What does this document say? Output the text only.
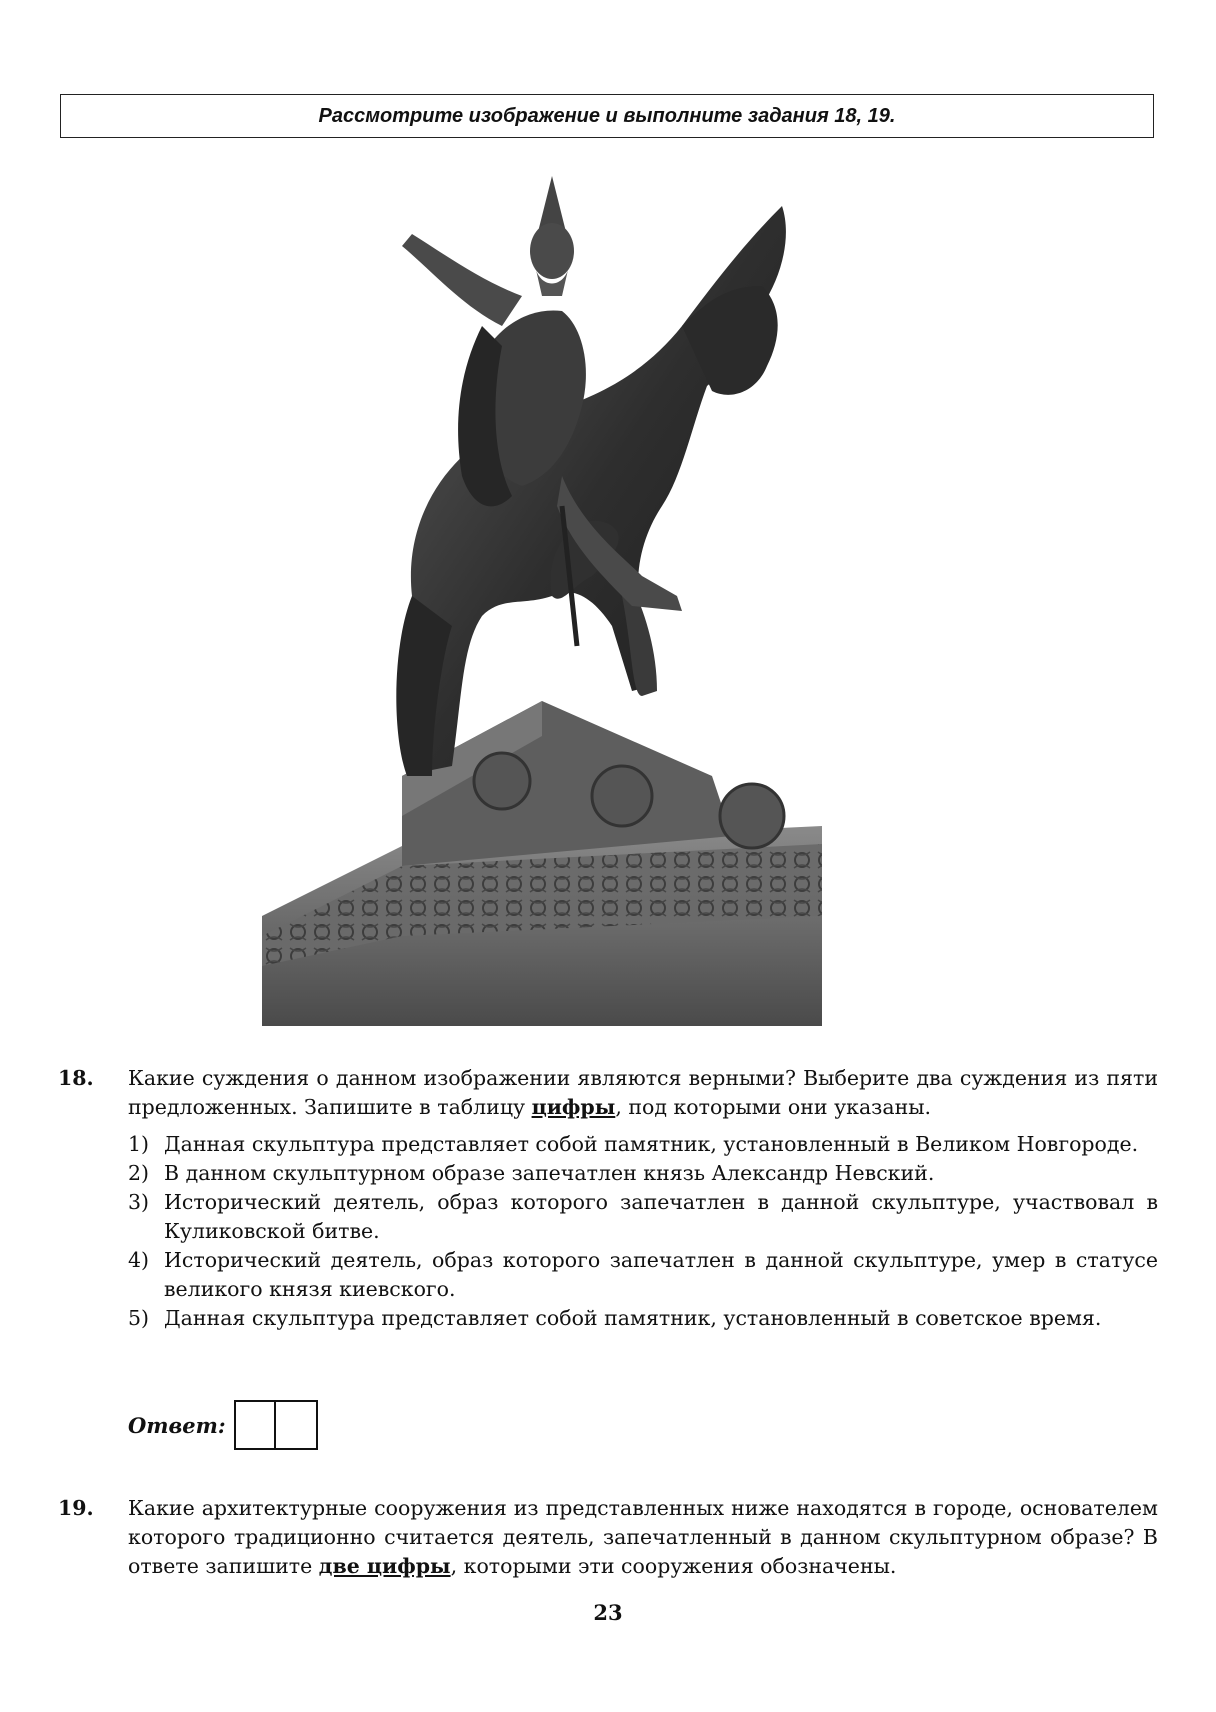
Рассмотрите изображение и выполните задания 18, 19.
18. Какие суждения о данном изображении являются верными? Выберите два суждения из пяти предложенных. Запишите в таблицу цифры, под которыми они указаны.
1) Данная скульптура представляет собой памятник, установленный в Великом Новгороде.
2) В данном скульптурном образе запечатлен князь Александр Невский.
3) Исторический деятель, образ которого запечатлен в данной скульптуре, участвовал в Куликовской битве.
4) Исторический деятель, образ которого запечатлен в данной скульптуре, умер в статусе великого князя киевского.
5) Данная скульптура представляет собой памятник, установленный в советское время.
Ответ:
19. Какие архитектурные сооружения из представленных ниже находятся в городе, основателем которого традиционно считается деятель, запечатленный в данном скульптурном образе? В ответе запишите две цифры, которыми эти сооружения обозначены.
23
